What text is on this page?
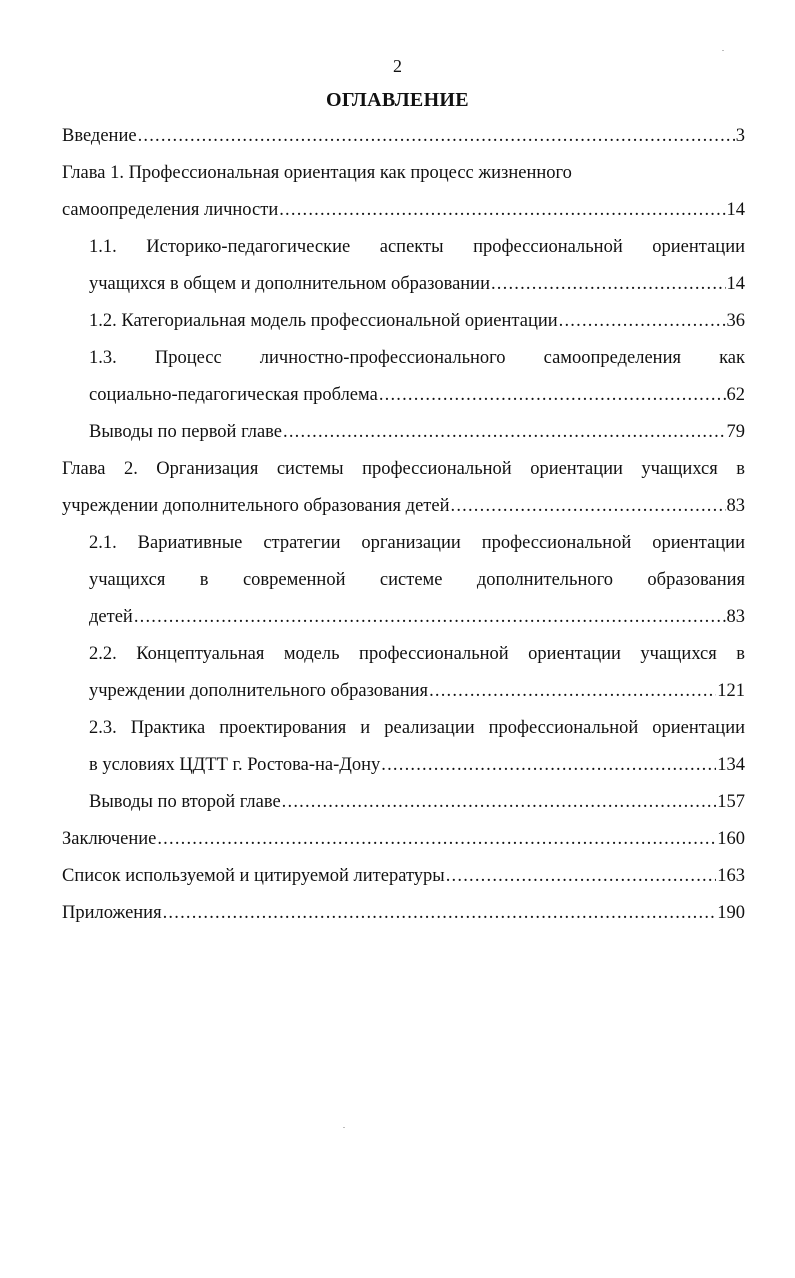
2
ОГЛАВЛЕНИЕ
Введение .....	3
Глава 1. Профессиональная ориентация как процесс жизненного
самоопределения личности .....	14
1.1. Историко-педагогические аспекты профессиональной ориентации
учащихся в общем и дополнительном образовании .....	14
1.2. Категориальная модель профессиональной ориентации .....	36
1.3. Процесс личностно-профессионального самоопределения как
социально-педагогическая проблема .....	62
Выводы по первой главе .....	79
Глава 2. Организация системы профессиональной ориентации учащихся в
учреждении дополнительного образования детей .....	83
2.1. Вариативные стратегии организации профессиональной ориентации
учащихся в современной системе дополнительного образования
детей .....	83
2.2. Концептуальная модель профессиональной ориентации учащихся в
учреждении дополнительного образования .....	121
2.3. Практика проектирования и реализации профессиональной ориентации
в условиях ЦДТТ г. Ростова-на-Дону .....	134
Выводы по второй главе .....	157
Заключение .....	160
Список используемой и цитируемой литературы .....	163
Приложения .....	190
